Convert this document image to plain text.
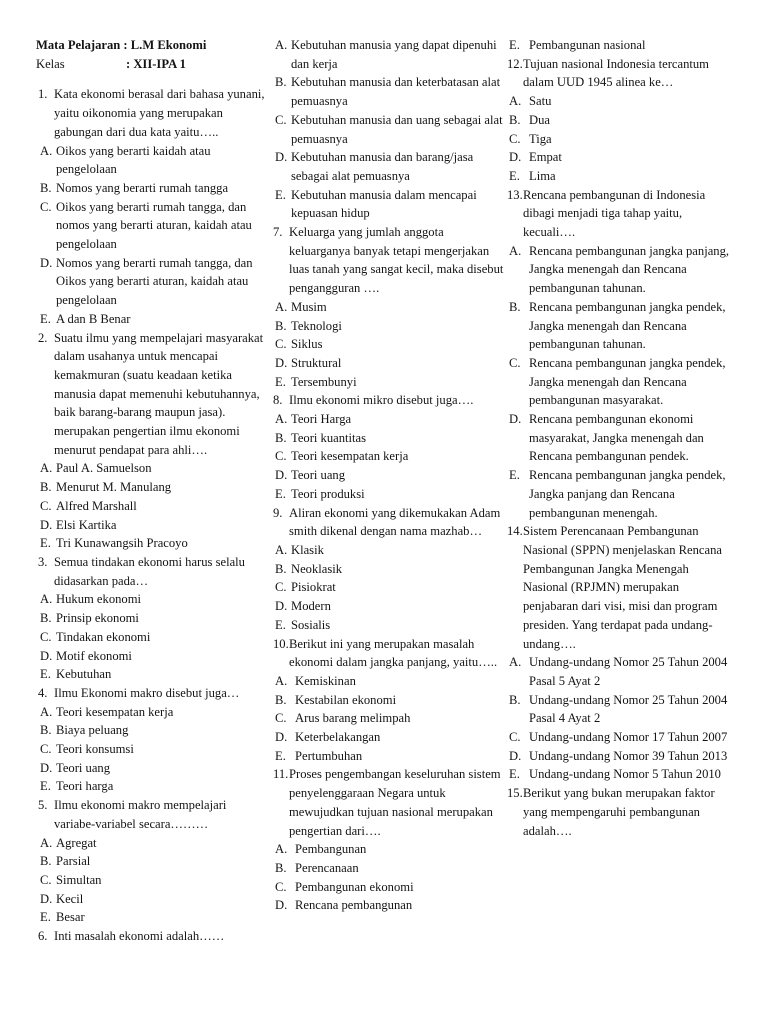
Mata Pelajaran : L.M Ekonomi
Kelas	: XII-IPA 1
1. Kata ekonomi berasal dari bahasa yunani, yaitu oikonomia yang merupakan gabungan dari dua kata yaitu…..
A. Oikos yang berarti kaidah atau pengelolaan
B. Nomos yang berarti rumah tangga
C. Oikos yang berarti rumah tangga, dan nomos yang berarti aturan, kaidah atau pengelolaan
D. Nomos yang berarti rumah tangga, dan Oikos yang berarti aturan, kaidah atau pengelolaan
E. A dan B Benar
2. Suatu ilmu yang mempelajari masyarakat dalam usahanya untuk mencapai kemakmuran (suatu keadaan ketika manusia dapat memenuhi kebutuhannya, baik barang-barang maupun jasa). merupakan pengertian ilmu ekonomi menurut pendapat para ahli….
A. Paul A. Samuelson
B. Menurut M. Manulang
C. Alfred Marshall
D. Elsi Kartika
E. Tri Kunawangsih Pracoyo
3. Semua tindakan ekonomi harus selalu didasarkan pada…
A. Hukum ekonomi
B. Prinsip ekonomi
C. Tindakan ekonomi
D. Motif ekonomi
E. Kebutuhan
4. Ilmu Ekonomi makro disebut juga…
A. Teori kesempatan kerja
B. Biaya peluang
C. Teori konsumsi
D. Teori uang
E. Teori harga
5. Ilmu ekonomi makro mempelajari variabe-variabel secara………
A. Agregat
B. Parsial
C. Simultan
D. Kecil
E. Besar
6. Inti masalah ekonomi adalah……
A. Kebutuhan manusia yang dapat dipenuhi dan kerja
B. Kebutuhan manusia dan keterbatasan alat pemuasnya
C. Kebutuhan manusia dan uang sebagai alat pemuasnya
D. Kebutuhan manusia dan barang/jasa sebagai alat pemuasnya
E. Kebutuhan manusia dalam mencapai kepuasan hidup
7. Keluarga yang jumlah anggota keluarganya banyak tetapi mengerjakan luas tanah yang sangat kecil, maka disebut pengangguran ….
A. Musim
B. Teknologi
C. Siklus
D. Struktural
E. Tersembunyi
8. Ilmu ekonomi mikro disebut juga….
A. Teori Harga
B. Teori kuantitas
C. Teori kesempatan kerja
D. Teori uang
E. Teori produksi
9. Aliran ekonomi yang dikemukakan Adam smith dikenal dengan nama mazhab…
A. Klasik
B. Neoklasik
C. Pisiokrat
D. Modern
E. Sosialis
10. Berikut ini yang merupakan masalah ekonomi dalam jangka panjang, yaitu…..
A. Kemiskinan
B. Kestabilan ekonomi
C. Arus barang melimpah
D. Keterbelakangan
E. Pertumbuhan
11. Proses pengembangan keseluruhan sistem penyelenggaraan Negara untuk mewujudkan tujuan nasional merupakan pengertian dari….
A. Pembangunan
B. Perencanaan
C. Pembangunan ekonomi
D. Rencana pembangunan
E. Pembangunan nasional
12. Tujuan nasional Indonesia tercantum dalam UUD 1945 alinea ke…
A. Satu
B. Dua
C. Tiga
D. Empat
E. Lima
13. Rencana pembangunan di Indonesia dibagi menjadi tiga tahap yaitu, kecuali….
A. Rencana pembangunan jangka panjang, Jangka menengah dan Rencana pembangunan tahunan.
B. Rencana pembangunan jangka pendek, Jangka menengah dan Rencana pembangunan tahunan.
C. Rencana pembangunan jangka pendek, Jangka menengah dan Rencana pembangunan masyarakat.
D. Rencana pembangunan ekonomi masyarakat, Jangka menengah dan Rencana pembangunan pendek.
E. Rencana pembangunan jangka pendek, Jangka panjang dan Rencana pembangunan menengah.
14. Sistem Perencanaan Pembangunan Nasional (SPPN) menjelaskan Rencana Pembangunan Jangka Menengah Nasional (RPJMN) merupakan penjabaran dari visi, misi dan program presiden. Yang terdapat pada undang-undang….
A. Undang-undang Nomor 25 Tahun 2004 Pasal 5 Ayat 2
B. Undang-undang Nomor 25 Tahun 2004 Pasal 4 Ayat 2
C. Undang-undang Nomor 17 Tahun 2007
D. Undang-undang Nomor 39 Tahun 2013
E. Undang-undang Nomor 5 Tahun 2010
15. Berikut yang bukan merupakan faktor yang mempengaruhi pembangunan adalah….
